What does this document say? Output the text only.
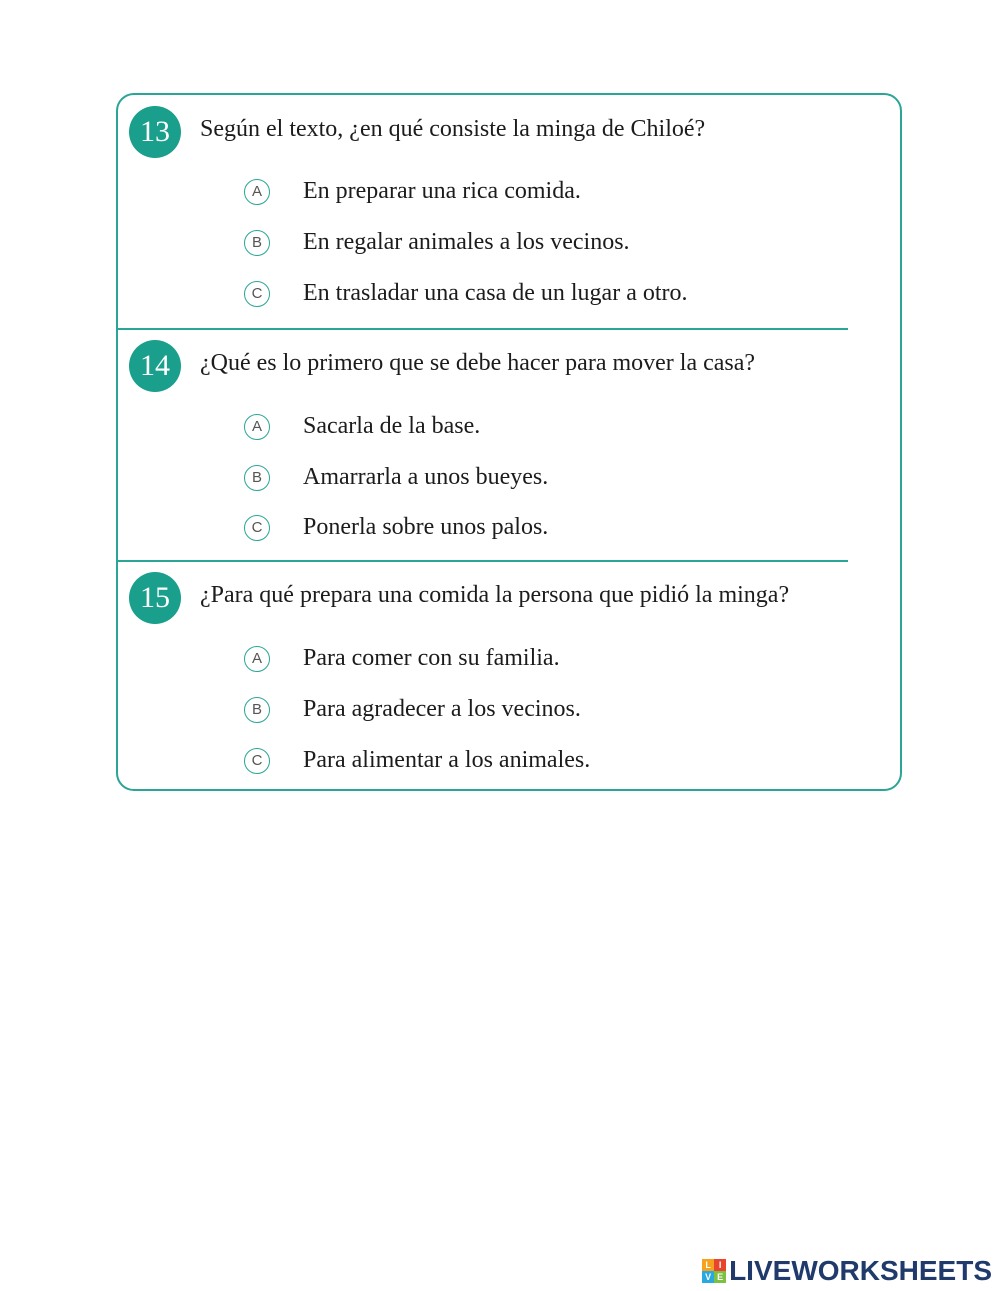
13	Según el texto, ¿en qué consiste la minga de Chiloé?
A	En preparar una rica comida.
B	En regalar animales a los vecinos.
C	En trasladar una casa de un lugar a otro.
14	¿Qué es lo primero que se debe hacer para mover la casa?
A	Sacarla de la base.
B	Amarrarla a unos bueyes.
C	Ponerla sobre unos palos.
15	¿Para qué prepara una comida la persona que pidió la minga?
A	Para comer con su familia.
B	Para agradecer a los vecinos.
C	Para alimentar a los animales.
L I
V E LIVEWORKSHEETS
